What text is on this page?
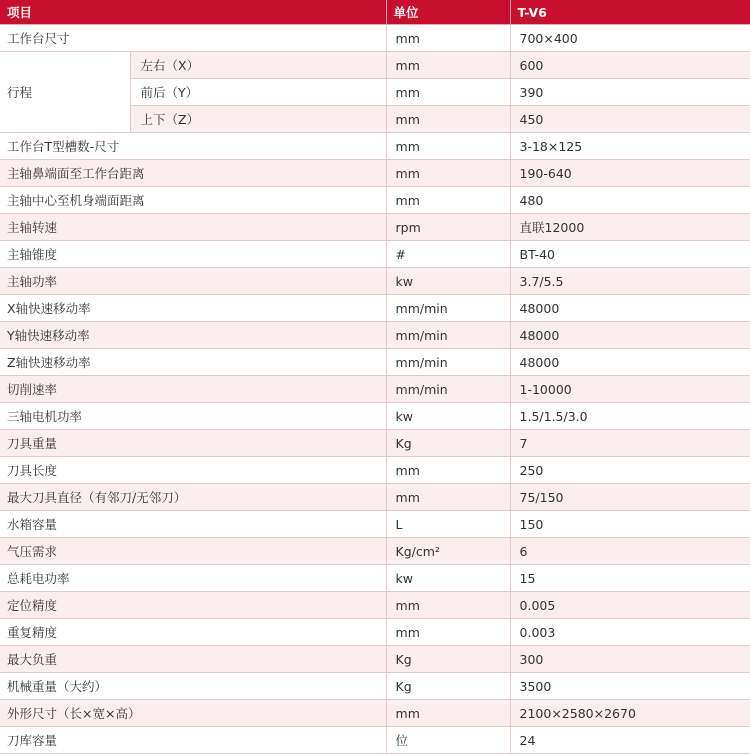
项目		单位	T-V6
工作台尺寸		mm	700×400
行程	左右（X）	mm	600
	前后（Y）	mm	390
	上下（Z）	mm	450
工作台T型槽数-尺寸		mm	3-18×125
主轴鼻端面至工作台距离		mm	190-640
主轴中心至机身端面距离		mm	480
主轴转速		rpm	直联12000
主轴锥度		#	BT-40
主轴功率		kw	3.7/5.5
X轴快速移动率		mm/min	48000
Y轴快速移动率		mm/min	48000
Z轴快速移动率		mm/min	48000
切削速率		mm/min	1-10000
三轴电机功率		kw	1.5/1.5/3.0
刀具重量		Kg	7
刀具长度		mm	250
最大刀具直径（有邻刀/无邻刀）		mm	75/150
水箱容量		L	150
气压需求		Kg/cm²	6
总耗电功率		kw	15
定位精度		mm	0.005
重复精度		mm	0.003
最大负重		Kg	300
机械重量（大约）		Kg	3500
外形尺寸（长×宽×高）		mm	2100×2580×2670
刀库容量		位	24
